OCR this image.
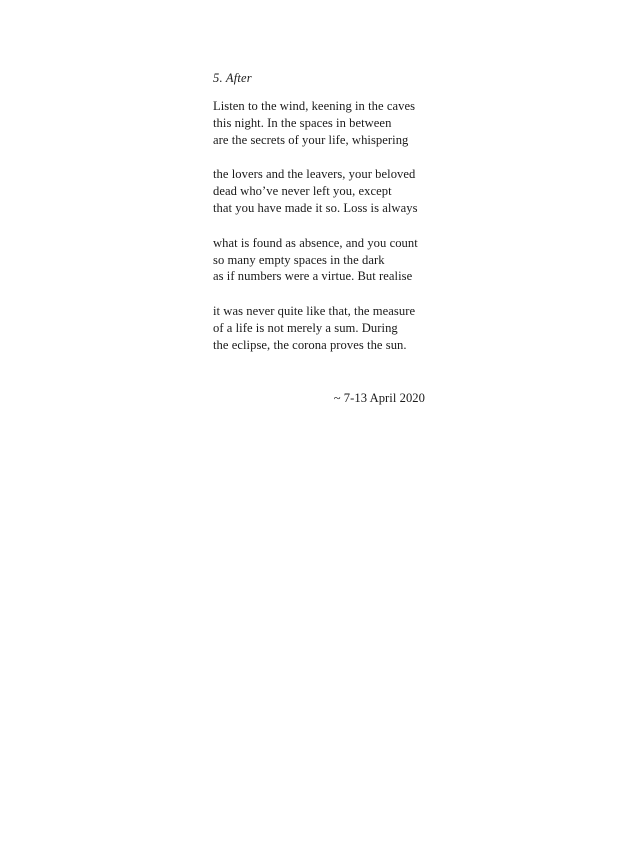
5. After
Listen to the wind, keening in the caves
this night. In the spaces in between
are the secrets of your life, whispering
the lovers and the leavers, your beloved
dead who’ve never left you, except
that you have made it so. Loss is always
what is found as absence, and you count
so many empty spaces in the dark
as if numbers were a virtue. But realise
it was never quite like that, the measure
of a life is not merely a sum. During
the eclipse, the corona proves the sun.
~ 7-13 April 2020
